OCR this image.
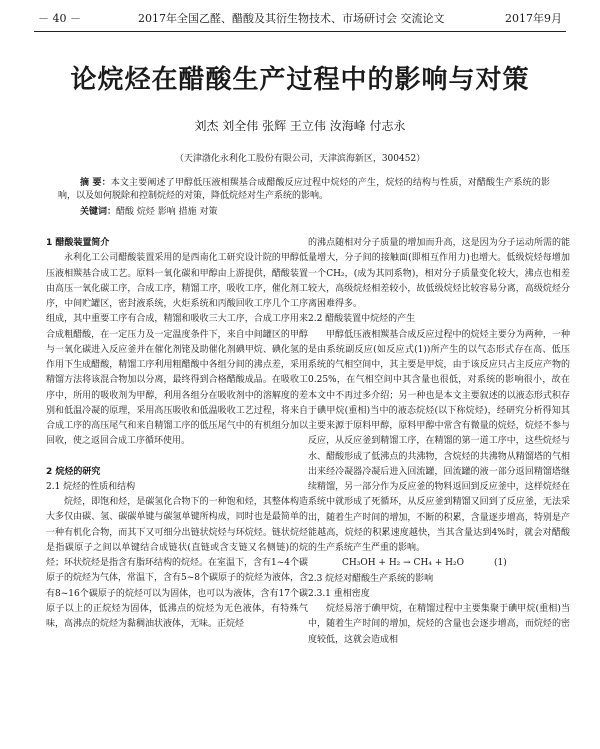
－ 40 －	2017年全国乙醛、醋酸及其衍生物技术、市场研讨会 交流论文	2017年9月
论烷烃在醋酸生产过程中的影响与对策
刘杰 刘全伟 张辉 王立伟 汝海峰 付志永
（天津渤化永利化工股份有限公司，天津滨海新区，300452）
摘 要：本文主要阐述了甲醇低压液相羰基合成醋酸反应过程中烷烃的产生，烷烃的结构与性质，对醋酸生产系统的影响，以及如何脱除和控制烷烃的对策，降低烷烃对生产系统的影响。
关键词：醋酸 烷烃 影响 措施 对策
1 醋酸装置简介

永利化工公司醋酸装置采用的是西南化工研究设计院的甲醇低压液相羰基合成工艺。原料一氧化碳和甲醇由上游提供，醋酸装置由高压一氧化碳工序，合成工序，精馏工序，吸收工序，催化剂工序，中间贮罐区，密封液系统，火炬系统和丙酸回收工序几个工序组成，其中重要工序有合成，精馏和吸收三大工序，合成工序用来合成粗醋酸，在一定压力及一定温度条件下，来自中间罐区的甲醇与一氧化碳进入反应釜并在催化剂铑及助催化剂碘甲烷、碘化氢的作用下生成醋酸，精馏工序利用粗醋酸中各组分间的沸点差，采用精馏方法将该混合物加以分离，最终得到合格醋酸成品。在吸收工序中，所用的吸收剂为甲醇，利用各组分在吸收剂中的溶解度的差别和低温冷凝的原理，采用高压吸收和低温吸收工艺过程，将来自合成工序的高压尾气和来自精馏工序的低压尾气中的有机组分加以回收，使之返回合成工序循环使用。

2 烷烃的研究
2.1 烷烃的性质和结构

烷烃，即饱和烃，是碳氢化合物下的一种饱和烃，其整体构造大多仅由碳、氢、碳碳单键与碳氢单键所构成，同时也是最简单的一种有机化合物，而其下又可细分出链状烷烃与环烷烃。链状烷烃是指碳原子之间以单键结合成链状(直链或含支链又名侧链)的烷烃；环状烷烃是指含有脂环结构的烷烃。在室温下，含有1~4个碳原子的烷烃为气体，常温下，含有5~8个碳原子的烷烃为液体，含有8~16个碳原子的烷烃可以为固体，也可以为液体，含有17个碳原子以上的正烷烃为固体，低沸点的烷烃为无色液体，有特殊气味，高沸点的烷烃为黏稠油状液体，无味。正烷烃

的沸点随相对分子质量的增加而升高，这是因为分子运动所需的能量增大，分子间的接触面(即相互作用力)也增大。低级烷烃每增加一个CH₂，(成为其同系物)，相对分子质量变化较大，沸点也相差较大，高级烷烃相差较小，故低级烷烃比较容易分离，高级烷烃分离困难得多。

2.2 醋酸装置中烷烃的产生

甲醇低压液相羰基合成反应过程中的烷烃主要分为两种，一种是由系统副反应(如反应式(1))所产生的以气态形式存在高、低压系统的气相空间中，其主要是甲烷，由于该反应只占主反应产物的0.25%，在气相空间中其含量也很低，对系统的影响很小，故在本文中不再过多介绍；另一种也是本文主要叙述的以液态形式积存于碘甲烷(重相)当中的液态烷烃(以下称烷烃)，经研究分析得知其主要来源于原料甲醇，原料甲醇中常含有微量的烷烃，烷烃不参与反应，从反应釜到精馏工序，在精馏的第一道工序中，这些烷烃与水、醋酸形成了低沸点的共沸物，含烷烃的共沸物从精馏塔的气相出来经冷凝器冷凝后进入回流罐，回流罐的液一部分返回精馏塔继续精馏，另一部分作为反应釜的物料返回到反应釜中，这样烷烃在系统中就形成了死循环，从反应釜到精馏又回到了反应釜，无法采出，随着生产时间的增加，不断的积累，含量逐步增高，特别是产能越高，烷烃的积累速度越快，当其含量达到4%时，就会对醋酸的生产系统产生严重的影响。

CH₃OH + H₂ → CH₄ + H₂O	(1)
2.3 烷烃对醋酸生产系统的影响
2.3.1 重相密度

烷烃易溶于碘甲烷，在精馏过程中主要集聚于碘甲烷(重相)当中，随着生产时间的增加，烷烃的含量也会逐步增高，而烷烃的密度较低，这就会造成相
